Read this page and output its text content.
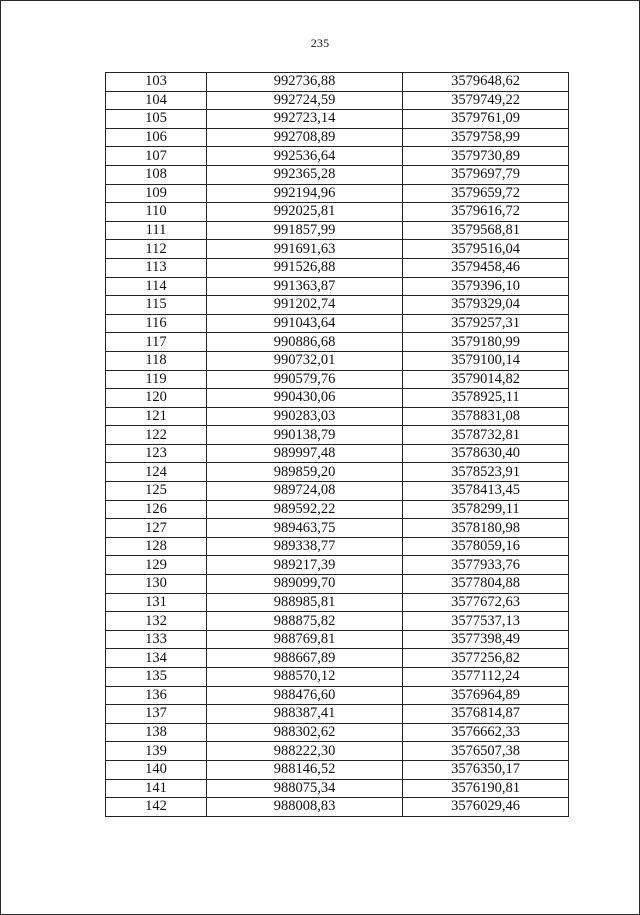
235
103	992736,88	3579648,62
104	992724,59	3579749,22
105	992723,14	3579761,09
106	992708,89	3579758,99
107	992536,64	3579730,89
108	992365,28	3579697,79
109	992194,96	3579659,72
110	992025,81	3579616,72
111	991857,99	3579568,81
112	991691,63	3579516,04
113	991526,88	3579458,46
114	991363,87	3579396,10
115	991202,74	3579329,04
116	991043,64	3579257,31
117	990886,68	3579180,99
118	990732,01	3579100,14
119	990579,76	3579014,82
120	990430,06	3578925,11
121	990283,03	3578831,08
122	990138,79	3578732,81
123	989997,48	3578630,40
124	989859,20	3578523,91
125	989724,08	3578413,45
126	989592,22	3578299,11
127	989463,75	3578180,98
128	989338,77	3578059,16
129	989217,39	3577933,76
130	989099,70	3577804,88
131	988985,81	3577672,63
132	988875,82	3577537,13
133	988769,81	3577398,49
134	988667,89	3577256,82
135	988570,12	3577112,24
136	988476,60	3576964,89
137	988387,41	3576814,87
138	988302,62	3576662,33
139	988222,30	3576507,38
140	988146,52	3576350,17
141	988075,34	3576190,81
142	988008,83	3576029,46
